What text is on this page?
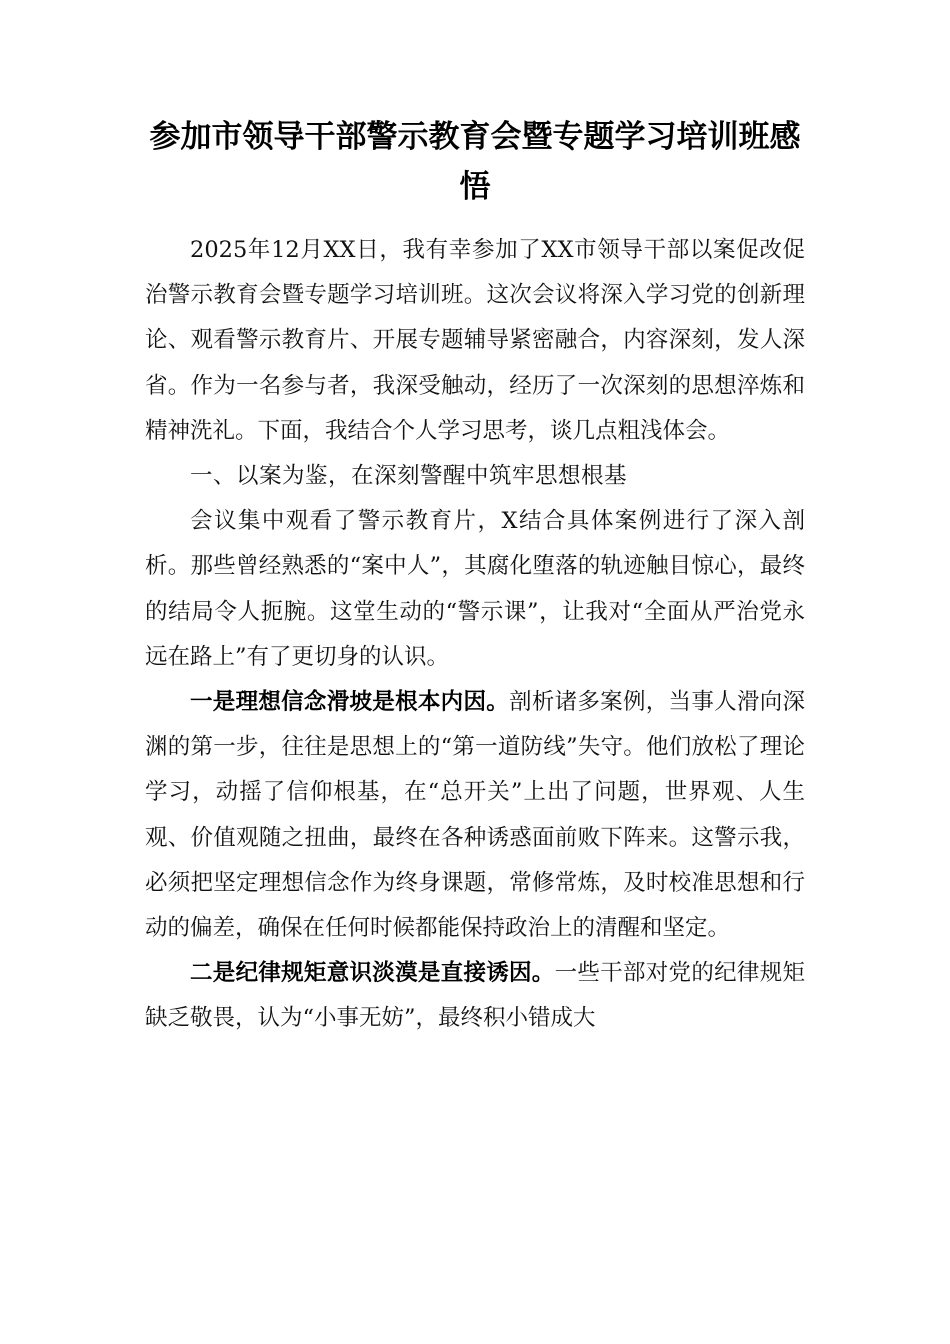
参加市领导干部警示教育会暨专题学习培训班感悟

2025年12月XX日，我有幸参加了XX市领导干部以案促改促治警示教育会暨专题学习培训班。这次会议将深入学习党的创新理论、观看警示教育片、开展专题辅导紧密融合，内容深刻，发人深省。作为一名参与者，我深受触动，经历了一次深刻的思想淬炼和精神洗礼。下面，我结合个人学习思考，谈几点粗浅体会。

一、以案为鉴，在深刻警醒中筑牢思想根基

会议集中观看了警示教育片，X结合具体案例进行了深入剖析。那些曾经熟悉的“案中人”，其腐化堕落的轨迹触目惊心，最终的结局令人扼腕。这堂生动的“警示课”，让我对“全面从严治党永远在路上”有了更切身的认识。

一是理想信念滑坡是根本内因。剖析诸多案例，当事人滑向深渊的第一步，往往是思想上的“第一道防线”失守。他们放松了理论学习，动摇了信仰根基，在“总开关”上出了问题，世界观、人生观、价值观随之扭曲，最终在各种诱惑面前败下阵来。这警示我，必须把坚定理想信念作为终身课题，常修常炼，及时校准思想和行动的偏差，确保在任何时候都能保持政治上的清醒和坚定。

二是纪律规矩意识淡漠是直接诱因。一些干部对党的纪律规矩缺乏敬畏，认为“小事无妨”，最终积小错成大
